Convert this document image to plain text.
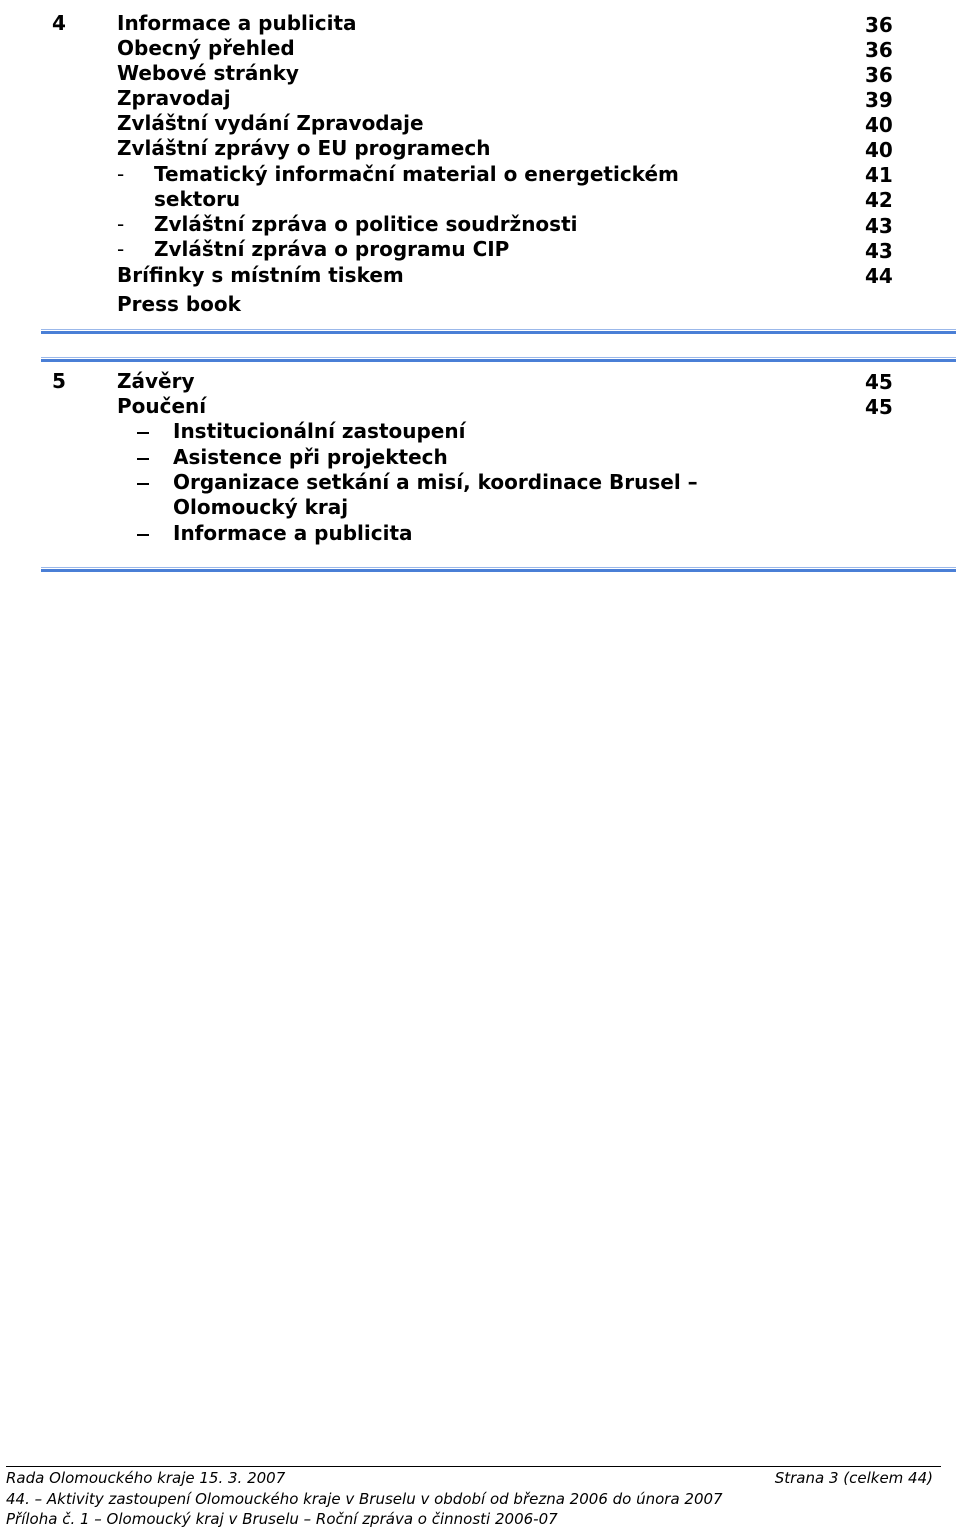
4	Informace a publicita	36
Obecný přehled	36
Webové stránky	36
Zpravodaj	39
Zvláštní vydání Zpravodaje	40
Zvláštní zprávy o EU programech	40
- Tematický informační material o energetickém	41
sektoru	42
- Zvláštní zpráva o politice soudržnosti	43
- Zvláštní zpráva o programu CIP	43
Brífinky s místním tiskem	44
Press book
5	Závěry	45
Poučení	45
Institucionální zastoupení
Asistence při projektech
Organizace setkání a misí, koordinace Brusel –
Olomoucký kraj
Informace a publicita
Rada Olomouckého kraje 15. 3. 2007	Strana 3 (celkem 44)
44. – Aktivity zastoupení Olomouckého kraje v Bruselu v období od března 2006 do února 2007
Příloha č. 1 – Olomoucký kraj v Bruselu – Roční zpráva o činnosti 2006-07
